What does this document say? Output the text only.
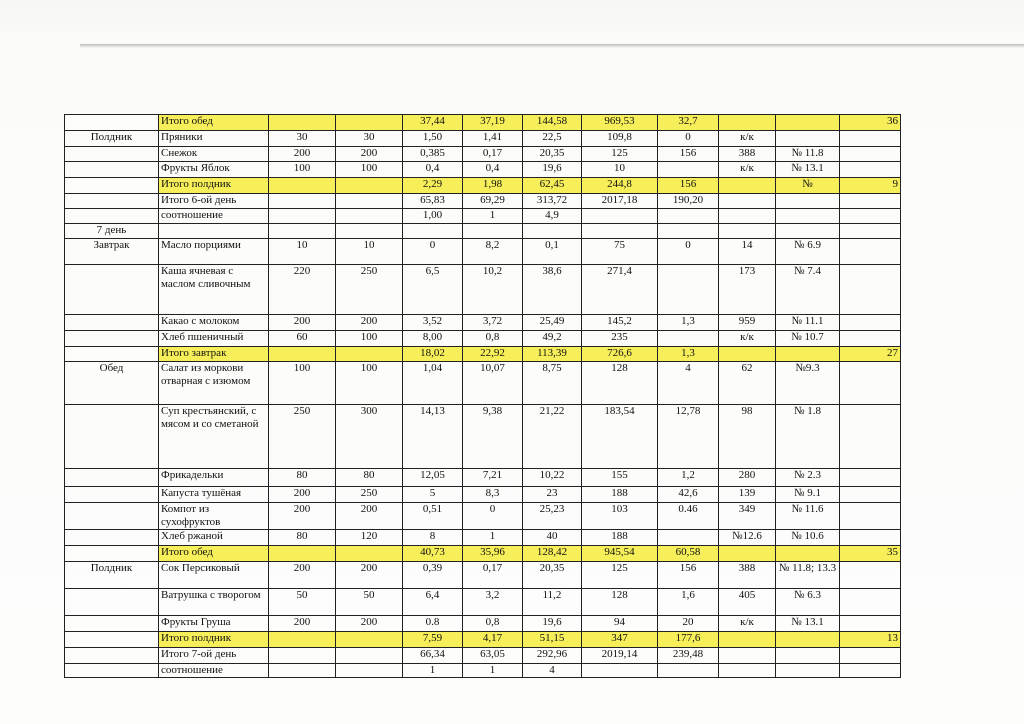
	Итого обед			37,44	37,19	144,58	969,53	32,7			36
Полдник	Пряники	30	30	1,50	1,41	22,5	109,8	0	к/к		
	Снежок	200	200	0,385	0,17	20,35	125	156	388	№ 11.8	
	Фрукты Яблок	100	100	0,4	0,4	19,6	10		к/к	№ 13.1	
	Итого полдник			2,29	1,98	62,45	244,8	156		№	9
	Итого 6-ой день			65,83	69,29	313,72	2017,18	190,20			
	соотношение			1,00	1	4,9					
7 день											
Завтрак	Масло порциями	10	10	0	8,2	0,1	75	0	14	№ 6.9	
	Каша ячневая с маслом сливочным	220	250	6,5	10,2	38,6	271,4		173	№ 7.4	
	Какао с молоком	200	200	3,52	3,72	25,49	145,2	1,3	959	№ 11.1	
	Хлеб пшеничный	60	100	8,00	0,8	49,2	235		к/к	№ 10.7	
	Итого завтрак			18,02	22,92	113,39	726,6	1,3			27
Обед	Салат из моркови отварная с изюмом	100	100	1,04	10,07	8,75	128	4	62	№9.3	
	Суп крестьянский, с мясом и со сметаной	250	300	14,13	9,38	21,22	183,54	12,78	98	№ 1.8	
	Фрикадельки	80	80	12,05	7,21	10,22	155	1,2	280	№ 2.3	
	Капуста тушёная	200	250	5	8,3	23	188	42,6	139	№ 9.1	
	Компот из сухофруктов	200	200	0,51	0	25,23	103	0.46	349	№ 11.6	
	Хлеб ржаной	80	120	8	1	40	188		№12.6	№ 10.6	
	Итого обед			40,73	35,96	128,42	945,54	60,58			35
Полдник	Сок Персиковый	200	200	0,39	0,17	20,35	125	156	388	№ 11.8; 13.3	
	Ватрушка с творогом	50	50	6,4	3,2	11,2	128	1,6	405	№ 6.3	
	Фрукты Груша	200	200	0.8	0,8	19,6	94	20	к/к	№ 13.1	
	Итого полдник			7,59	4,17	51,15	347	177,6			13
	Итого 7-ой день			66,34	63,05	292,96	2019,14	239,48			
	соотношение			1	1	4					
